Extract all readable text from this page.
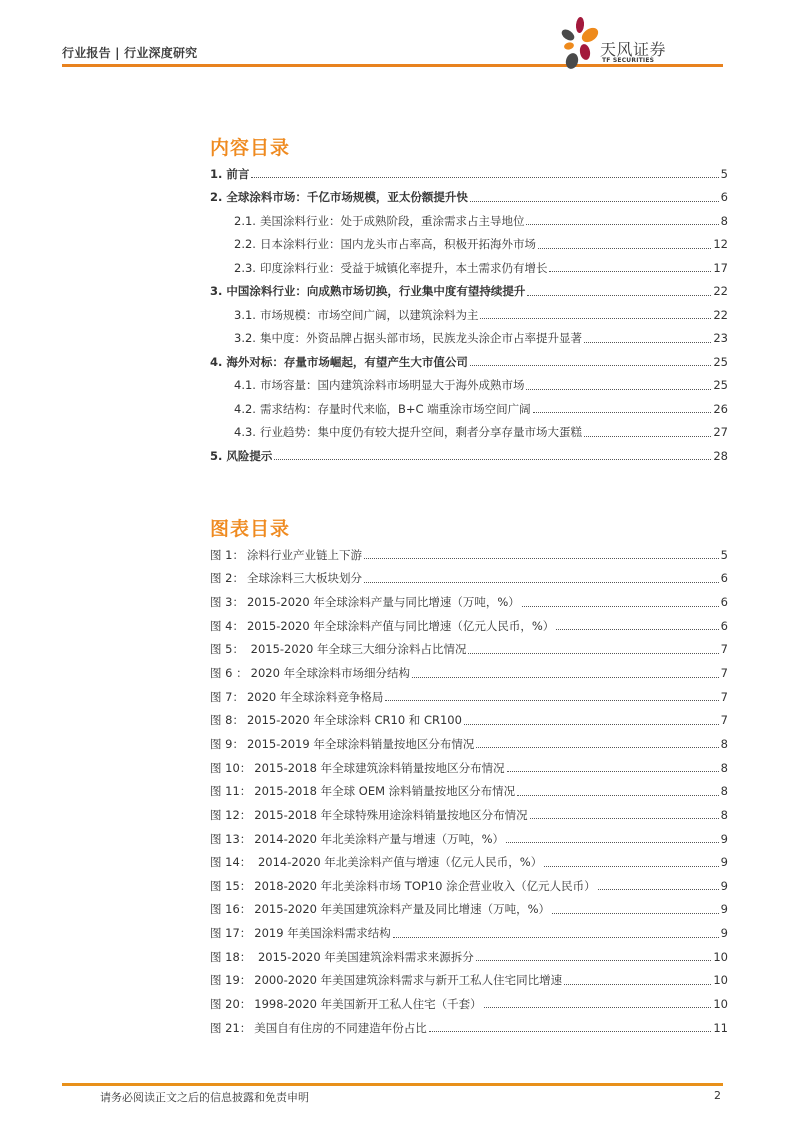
行业报告 | 行业深度研究	天风证券
TF SECURITIES
内容目录
1. 前言	5
2. 全球涂料市场：千亿市场规模，亚太份额提升快	6
2.1. 美国涂料行业：处于成熟阶段，重涂需求占主导地位	8
2.2. 日本涂料行业：国内龙头市占率高，积极开拓海外市场	12
2.3. 印度涂料行业：受益于城镇化率提升，本土需求仍有增长	17
3. 中国涂料行业：向成熟市场切换，行业集中度有望持续提升	22
3.1. 市场规模：市场空间广阔，以建筑涂料为主	22
3.2. 集中度：外资品牌占据头部市场，民族龙头涂企市占率提升显著	23
4. 海外对标：存量市场崛起，有望产生大市值公司	25
4.1. 市场容量：国内建筑涂料市场明显大于海外成熟市场	25
4.2. 需求结构：存量时代来临，B+C 端重涂市场空间广阔	26
4.3. 行业趋势：集中度仍有较大提升空间，剩者分享存量市场大蛋糕	27
5. 风险提示	28
图表目录
图 1： 涂料行业产业链上下游	5
图 2： 全球涂料三大板块划分	6
图 3： 2015-2020 年全球涂料产量与同比增速（万吨，%）	6
图 4： 2015-2020 年全球涂料产值与同比增速（亿元人民币，%）	6
图 5： 2015-2020 年全球三大细分涂料占比情况	7
图 6 ： 2020 年全球涂料市场细分结构	7
图 7： 2020 年全球涂料竞争格局	7
图 8： 2015-2020 年全球涂料 CR10 和 CR100	7
图 9： 2015-2019 年全球涂料销量按地区分布情况	8
图 10： 2015-2018 年全球建筑涂料销量按地区分布情况	8
图 11： 2015-2018 年全球 OEM 涂料销量按地区分布情况	8
图 12： 2015-2018 年全球特殊用途涂料销量按地区分布情况	8
图 13： 2014-2020 年北美涂料产量与增速（万吨，%）	9
图 14： 2014-2020 年北美涂料产值与增速（亿元人民币，%）	9
图 15： 2018-2020 年北美涂料市场 TOP10 涂企营业收入（亿元人民币）	9
图 16： 2015-2020 年美国建筑涂料产量及同比增速（万吨，%）	9
图 17： 2019 年美国涂料需求结构	9
图 18： 2015-2020 年美国建筑涂料需求来源拆分	10
图 19： 2000-2020 年美国建筑涂料需求与新开工私人住宅同比增速	10
图 20： 1998-2020 年美国新开工私人住宅（千套）	10
图 21： 美国自有住房的不同建造年份占比	11
请务必阅读正文之后的信息披露和免责申明	2
